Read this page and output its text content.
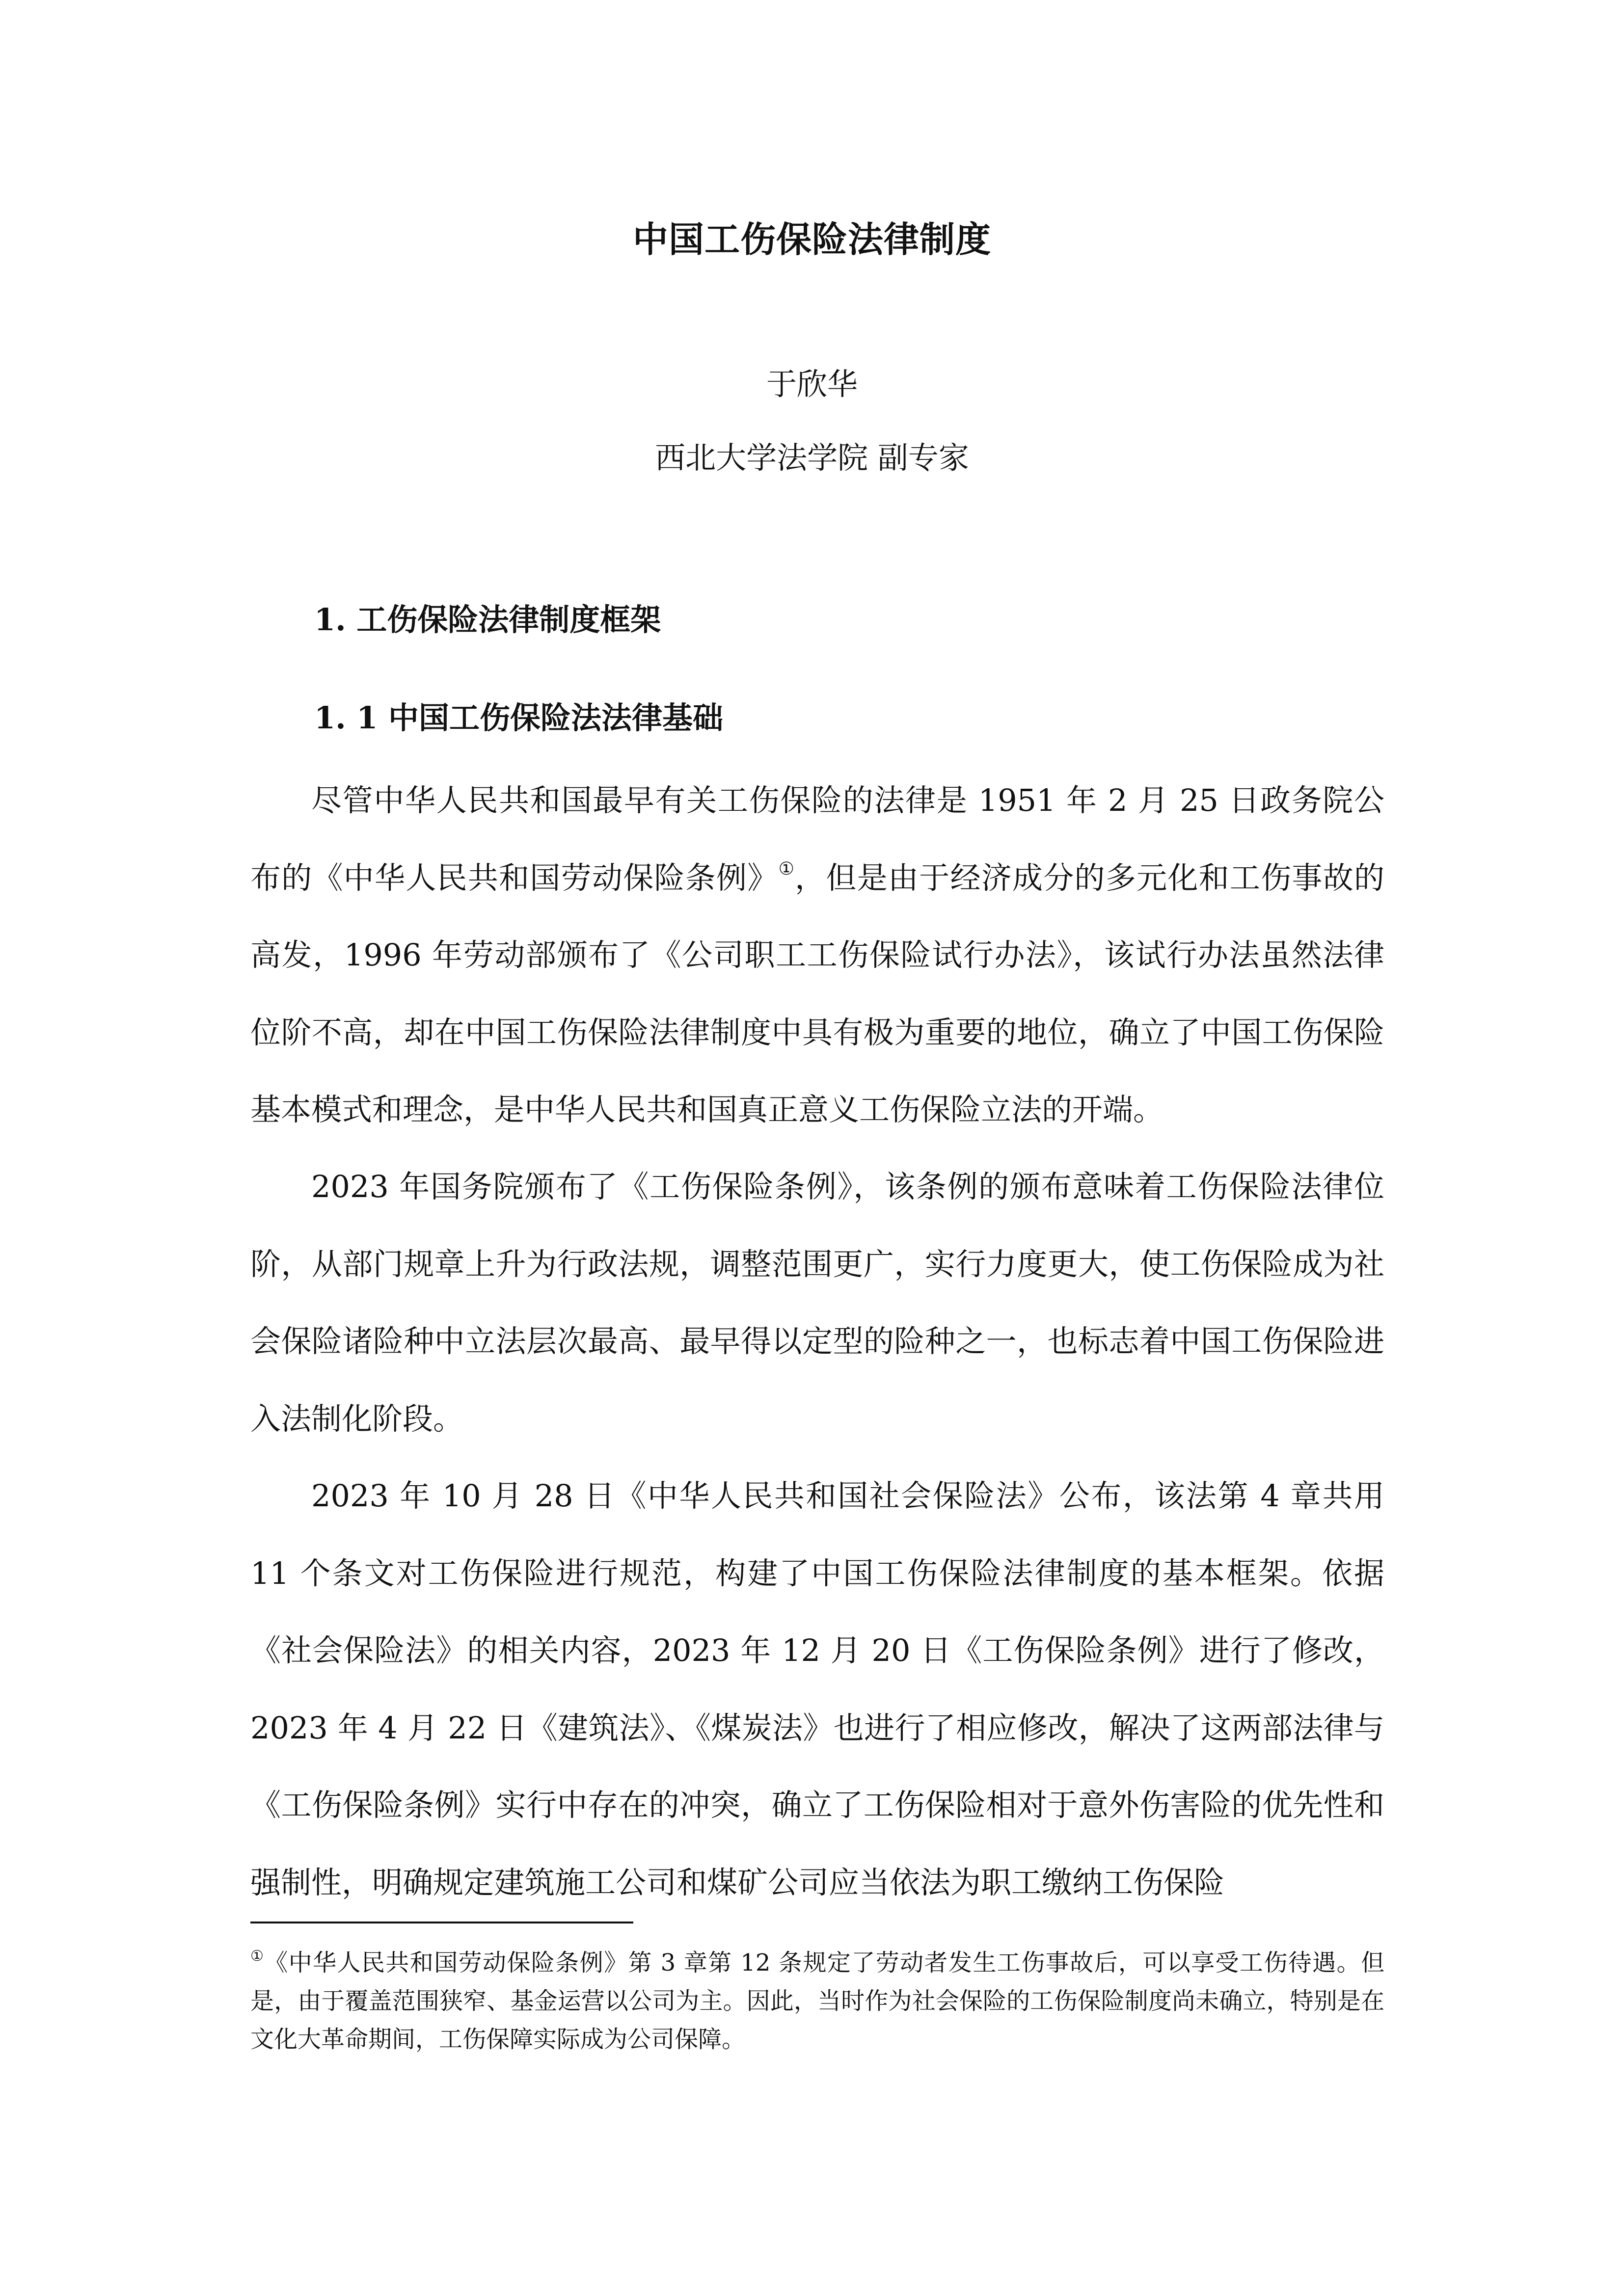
中国工伤保险法律制度
于欣华
西北大学法学院 副专家
1. 工伤保险法律制度框架
1. 1 中国工伤保险法法律基础

尽管中华人民共和国最早有关工伤保险的法律是 1951 年 2 月 25 日政务院公布的《中华人民共和国劳动保险条例》①，但是由于经济成分的多元化和工伤事故的高发，1996 年劳动部颁布了《公司职工工伤保险试行办法》，该试行办法虽然法律位阶不高，却在中国工伤保险法律制度中具有极为重要的地位，确立了中国工伤保险基本模式和理念，是中华人民共和国真正意义工伤保险立法的开端。

2023 年国务院颁布了《工伤保险条例》，该条例的颁布意味着工伤保险法律位阶，从部门规章上升为行政法规，调整范围更广，实行力度更大，使工伤保险成为社会保险诸险种中立法层次最高、最早得以定型的险种之一，也标志着中国工伤保险进入法制化阶段。

2023 年 10 月 28 日《中华人民共和国社会保险法》公布，该法第 4 章共用 11 个条文对工伤保险进行规范，构建了中国工伤保险法律制度的基本框架。依据《社会保险法》的相关内容，2023 年 12 月 20 日《工伤保险条例》进行了修改，2023 年 4 月 22 日《建筑法》、《煤炭法》也进行了相应修改，解决了这两部法律与《工伤保险条例》实行中存在的冲突，确立了工伤保险相对于意外伤害险的优先性和强制性，明确规定建筑施工公司和煤矿公司应当依法为职工缴纳工伤保险

①《中华人民共和国劳动保险条例》第 3 章第 12 条规定了劳动者发生工伤事故后，可以享受工伤待遇。但是，由于覆盖范围狭窄、基金运营以公司为主。因此，当时作为社会保险的工伤保险制度尚未确立，特别是在文化大革命期间，工伤保障实际成为公司保障。
